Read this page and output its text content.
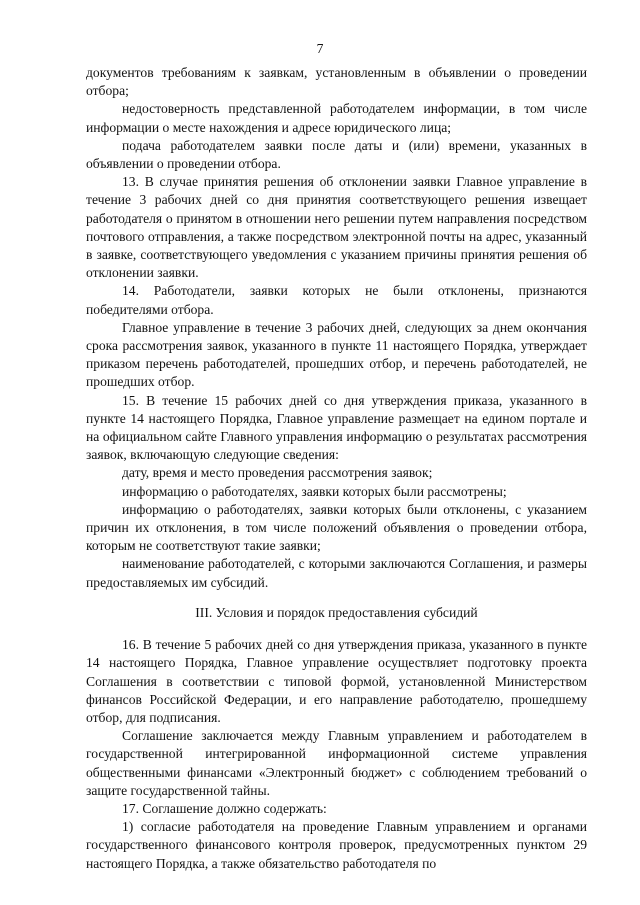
7

документов требованиям к заявкам, установленным в объявлении о проведении отбора;

недостоверность представленной работодателем информации, в том числе информации о месте нахождения и адресе юридического лица;

подача работодателем заявки после даты и (или) времени, указанных в объявлении о проведении отбора.

13. В случае принятия решения об отклонении заявки Главное управление в течение 3 рабочих дней со дня принятия соответствующего решения извещает работодателя о принятом в отношении него решении путем направления посредством почтового отправления, а также посредством электронной почты на адрес, указанный в заявке, соответствующего уведомления с указанием причины принятия решения об отклонении заявки.

14. Работодатели, заявки которых не были отклонены, признаются победителями отбора.

Главное управление в течение 3 рабочих дней, следующих за днем окончания срока рассмотрения заявок, указанного в пункте 11 настоящего Порядка, утверждает приказом перечень работодателей, прошедших отбор, и перечень работодателей, не прошедших отбор.

15. В течение 15 рабочих дней со дня утверждения приказа, указанного в пункте 14 настоящего Порядка, Главное управление размещает на едином портале и на официальном сайте Главного управления информацию о результатах рассмотрения заявок, включающую следующие сведения:

дату, время и место проведения рассмотрения заявок;

информацию о работодателях, заявки которых были рассмотрены;

информацию о работодателях, заявки которых были отклонены, с указанием причин их отклонения, в том числе положений объявления о проведении отбора, которым не соответствуют такие заявки;

наименование работодателей, с которыми заключаются Соглашения, и размеры предоставляемых им субсидий.

III. Условия и порядок предоставления субсидий

16. В течение 5 рабочих дней со дня утверждения приказа, указанного в пункте 14 настоящего Порядка, Главное управление осуществляет подготовку проекта Соглашения в соответствии с типовой формой, установленной Министерством финансов Российской Федерации, и его направление работодателю, прошедшему отбор, для подписания.

Соглашение заключается между Главным управлением и работодателем в государственной интегрированной информационной системе управления общественными финансами «Электронный бюджет» с соблюдением требований о защите государственной тайны.

17. Соглашение должно содержать:

1) согласие работодателя на проведение Главным управлением и органами государственного финансового контроля проверок, предусмотренных пунктом 29 настоящего Порядка, а также обязательство работодателя по
